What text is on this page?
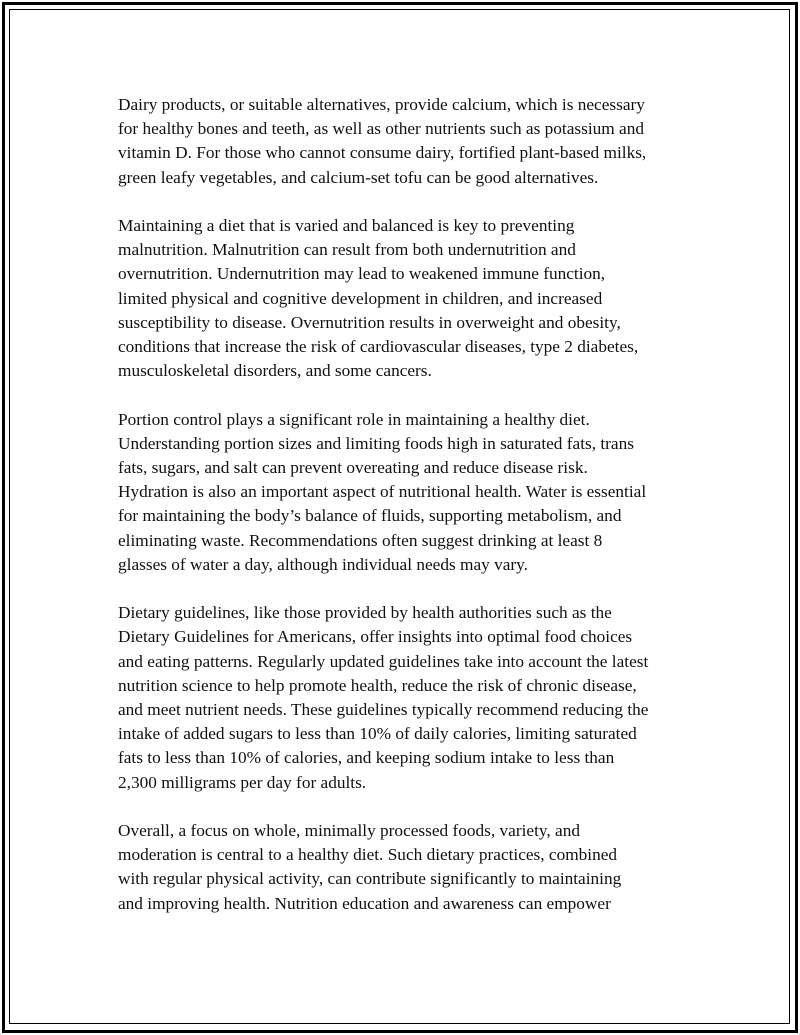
Dairy products, or suitable alternatives, provide calcium, which is necessary
for healthy bones and teeth, as well as other nutrients such as potassium and
vitamin D. For those who cannot consume dairy, fortified plant-based milks,
green leafy vegetables, and calcium-set tofu can be good alternatives.

Maintaining a diet that is varied and balanced is key to preventing
malnutrition. Malnutrition can result from both undernutrition and
overnutrition. Undernutrition may lead to weakened immune function,
limited physical and cognitive development in children, and increased
susceptibility to disease. Overnutrition results in overweight and obesity,
conditions that increase the risk of cardiovascular diseases, type 2 diabetes,
musculoskeletal disorders, and some cancers.

Portion control plays a significant role in maintaining a healthy diet.
Understanding portion sizes and limiting foods high in saturated fats, trans
fats, sugars, and salt can prevent overeating and reduce disease risk.
Hydration is also an important aspect of nutritional health. Water is essential
for maintaining the body’s balance of fluids, supporting metabolism, and
eliminating waste. Recommendations often suggest drinking at least 8
glasses of water a day, although individual needs may vary.

Dietary guidelines, like those provided by health authorities such as the
Dietary Guidelines for Americans, offer insights into optimal food choices
and eating patterns. Regularly updated guidelines take into account the latest
nutrition science to help promote health, reduce the risk of chronic disease,
and meet nutrient needs. These guidelines typically recommend reducing the
intake of added sugars to less than 10% of daily calories, limiting saturated
fats to less than 10% of calories, and keeping sodium intake to less than
2,300 milligrams per day for adults.

Overall, a focus on whole, minimally processed foods, variety, and
moderation is central to a healthy diet. Such dietary practices, combined
with regular physical activity, can contribute significantly to maintaining
and improving health. Nutrition education and awareness can empower
